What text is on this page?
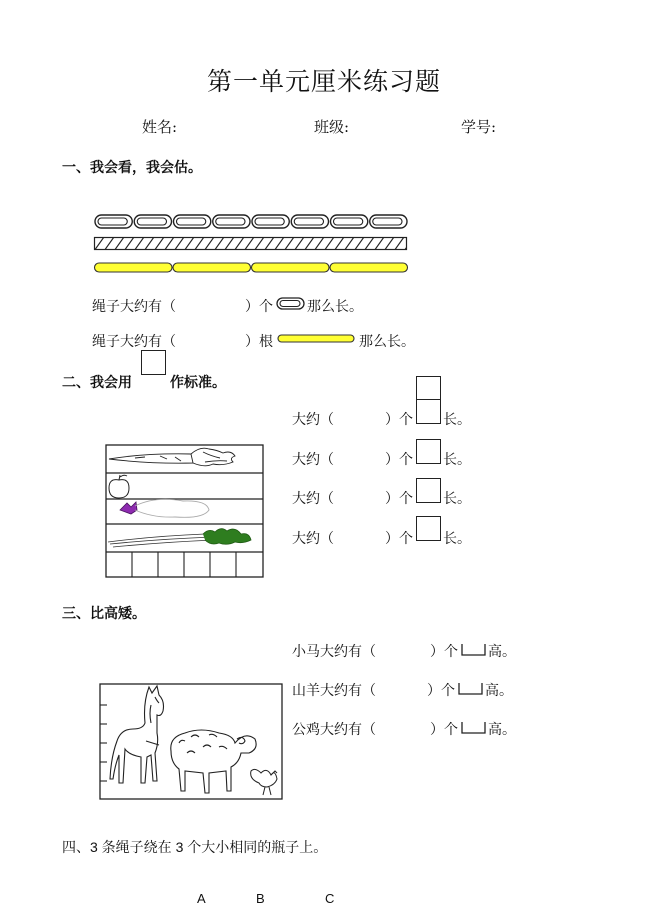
第一单元厘米练习题
姓名:	班级:	学号:
一、我会看，我会估。
绳子大约有（	）个 那么长。
绳子大约有（	）根	那么长。
二、我会用	作标准。
大约（	）个 长。
大约（	）个 长。
大约（	）个 长。
大约（	）个 长。
三、比高矮。
小马大约有（	）个 高。
山羊大约有（	）个 高。
公鸡大约有（	）个 高。
四、3 条绳子绕在 3 个大小相同的瓶子上。
A	B	C
